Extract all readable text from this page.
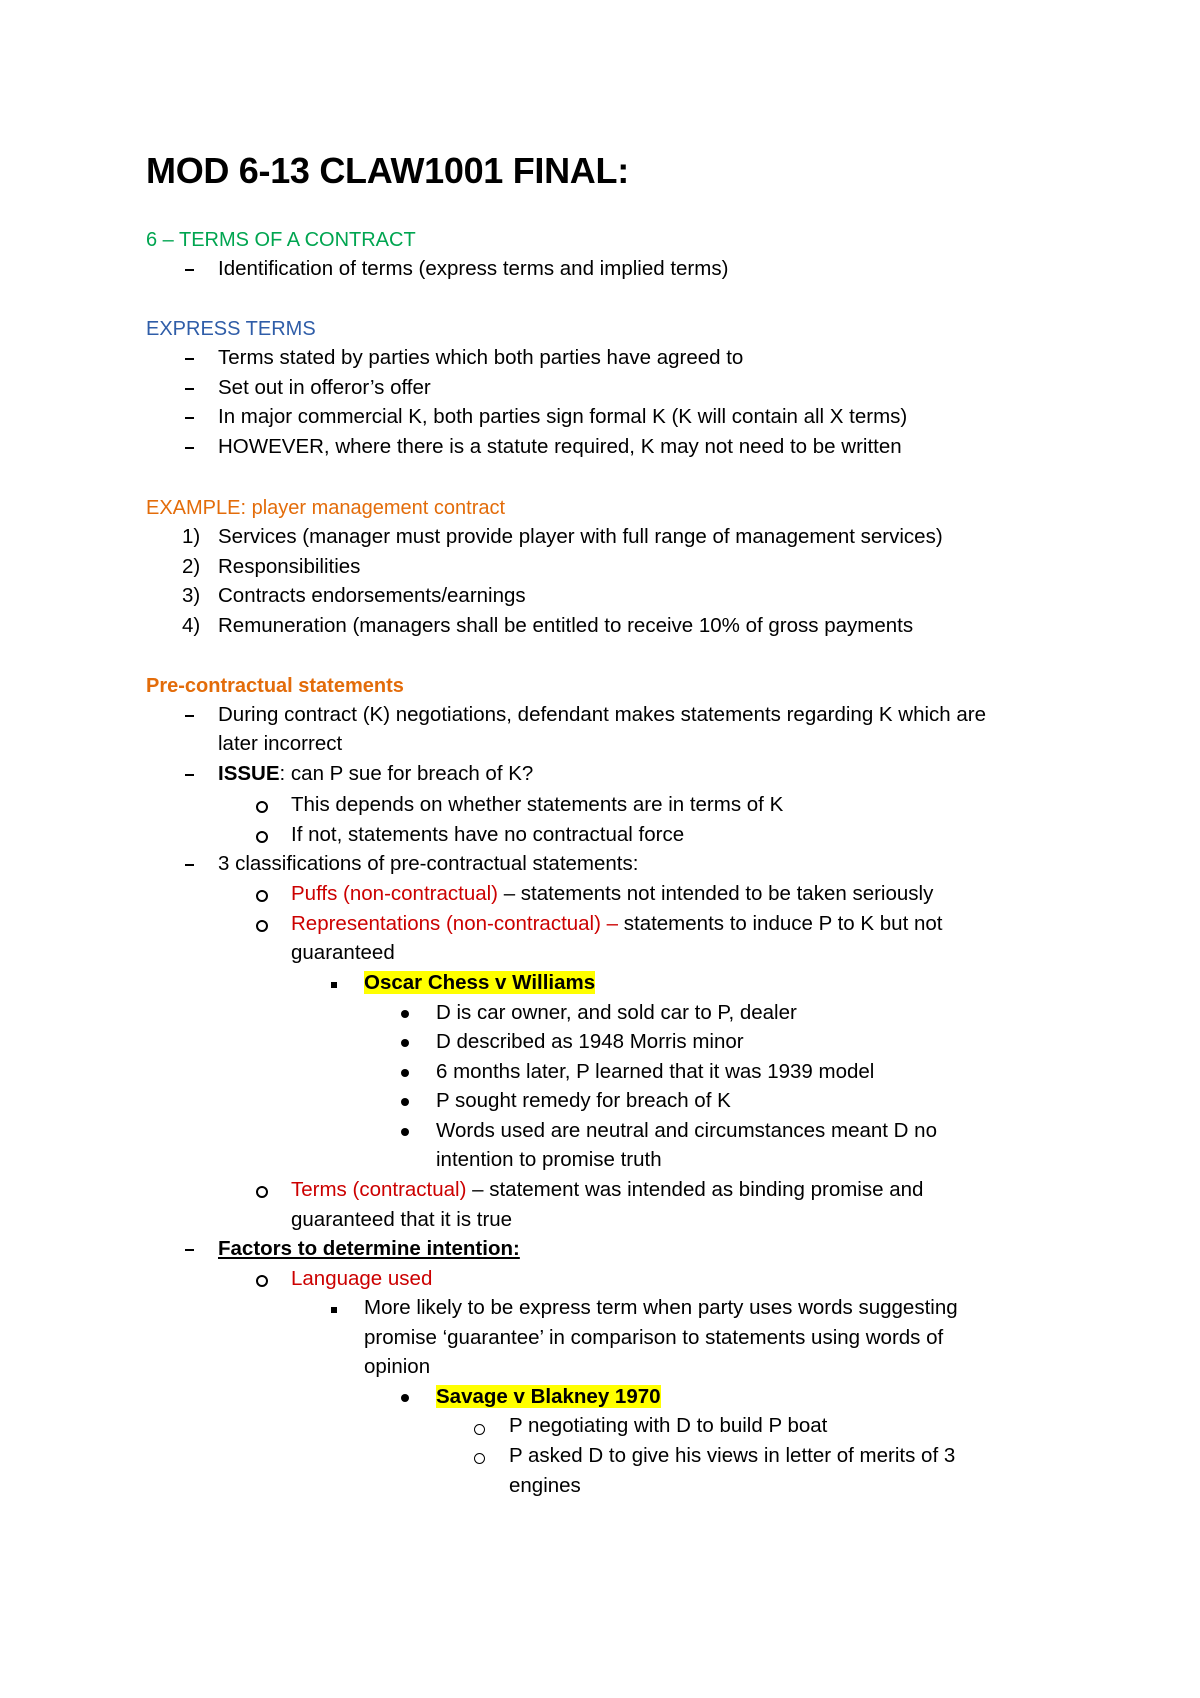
MOD 6-13 CLAW1001 FINAL:
6 – TERMS OF A CONTRACT
Identification of terms (express terms and implied terms)
EXPRESS TERMS
Terms stated by parties which both parties have agreed to
Set out in offeror’s offer
In major commercial K, both parties sign formal K (K will contain all X terms)
HOWEVER, where there is a statute required, K may not need to be written
EXAMPLE: player management contract
1) Services (manager must provide player with full range of management services)
2) Responsibilities
3) Contracts endorsements/earnings
4) Remuneration (managers shall be entitled to receive 10% of gross payments
Pre-contractual statements
During contract (K) negotiations, defendant makes statements regarding K which are
later incorrect
ISSUE: can P sue for breach of K?
This depends on whether statements are in terms of K
If not, statements have no contractual force
3 classifications of pre-contractual statements:
Puffs (non-contractual) – statements not intended to be taken seriously
Representations (non-contractual) – statements to induce P to K but not
guaranteed
Oscar Chess v Williams
D is car owner, and sold car to P, dealer
D described as 1948 Morris minor
6 months later, P learned that it was 1939 model
P sought remedy for breach of K
Words used are neutral and circumstances meant D no
intention to promise truth
Terms (contractual) – statement was intended as binding promise and
guaranteed that it is true
Factors to determine intention:
Language used
More likely to be express term when party uses words suggesting
promise ‘guarantee’ in comparison to statements using words of
opinion
Savage v Blakney 1970
P negotiating with D to build P boat
P asked D to give his views in letter of merits of 3
engines
